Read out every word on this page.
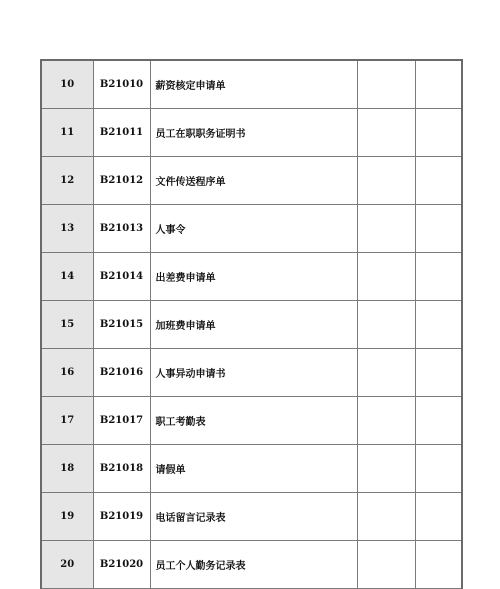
10	B21010	薪资核定申请单		
11	B21011	员工在职职务证明书		
12	B21012	文件传送程序单		
13	B21013	人事令		
14	B21014	出差费申请单		
15	B21015	加班费申请单		
16	B21016	人事异动申请书		
17	B21017	职工考勤表		
18	B21018	请假单		
19	B21019	电话留言记录表		
20	B21020	员工个人勤务记录表		
